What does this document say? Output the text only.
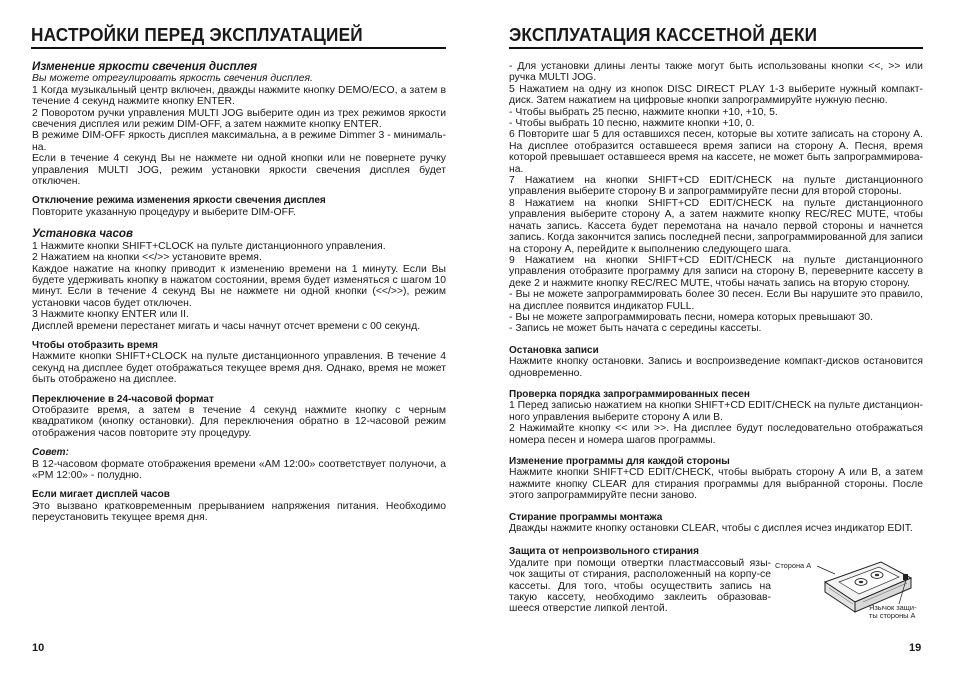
НАСТРОЙКИ ПЕРЕД ЭКСПЛУАТАЦИЕЙ
Изменение яркости свечения дисплея

Вы можете отрегулировать яркость свечения дисплея.

1 Когда музыкальный центр включен, дважды нажмите кнопку DEMO/ECO, а затем в течение 4 секунд нажмите кнопку ENTER.

2 Поворотом ручки управления MULTI JOG выберите один из трех режимов яркости свечения дисплея или режим DIM-OFF, а затем нажмите кнопку ENTER.

В режиме DIM-OFF яркость дисплея максимальна, а в режиме Dimmer 3 - минималь-на.

Если в течение 4 секунд Вы не нажмете ни одной кнопки или не повернете ручку управления MULTI JOG, режим установки яркости свечения дисплея будет отключен.

Отключение режима изменения яркости свечения дисплея

Повторите указанную процедуру и выберите DIM-OFF.

Установка часов

1 Нажмите кнопки SHIFT+CLOCK на пульте дистанционного управления.

2 Нажатием на кнопки <</>> установите время.

Каждое нажатие на кнопку приводит к изменению времени на 1 минуту. Если Вы будете удерживать кнопку в нажатом состоянии, время будет изменяться с шагом 10 минут. Если в течение 4 секунд Вы не нажмете ни одной кнопки (<</>>), режим установки часов будет отключен.

3 Нажмите кнопку ENTER или II.

Дисплей времени перестанет мигать и часы начнут отсчет времени с 00 секунд.

Чтобы отобразить время

Нажмите кнопки SHIFT+CLOCK на пульте дистанционного управления. В течение 4 секунд на дисплее будет отображаться текущее время дня. Однако, время не может быть отображено на дисплее.

Переключение в 24-часовой формат

Отобразите время, а затем в течение 4 секунд нажмите кнопку с черным квадратиком (кнопку остановки). Для переключения обратно в 12-часовой режим отображения часов повторите эту процедуру.

Совет:

В 12-часовом формате отображения времени «AM 12:00» соответствует полуночи, а «PM 12:00» - полудню.

Если мигает дисплей часов

Это вызвано кратковременным прерыванием напряжения питания. Необходимо переустановить текущее время дня.

10
ЭКСПЛУАТАЦИЯ КАССЕТНОЙ ДЕКИ

- Для установки длины ленты также могут быть использованы кнопки <<, >> или ручка MULTI JOG.

5 Нажатием на одну из кнопок DISC DIRECT PLAY 1-3 выберите нужный компакт-диск. Затем нажатием на цифровые кнопки запрограммируйте нужную песню.

- Чтобы выбрать 25 песню, нажмите кнопки +10, +10, 5.

- Чтобы выбрать 10 песню, нажмите кнопки +10, 0.

6 Повторите шаг 5 для оставшихся песен, которые вы хотите записать на сторону А. На дисплее отобразится оставшееся время записи на сторону А. Песня, время которой превышает оставшееся время на кассете, не может быть запрограммирова-на.

7 Нажатием на кнопки SHIFT+CD EDIT/CHECK на пульте дистанционного управления выберите сторону В и запрограммируйте песни для второй стороны.

8 Нажатием на кнопки SHIFT+CD EDIT/CHECK на пульте дистанционного управления выберите сторону А, а затем нажмите кнопку REC/REC MUTE, чтобы начать запись. Кассета будет перемотана на начало первой стороны и начнется запись. Когда закончится запись последней песни, запрограммированной для записи на сторону А, перейдите к выполнению следующего шага.

9 Нажатием на кнопки SHIFT+CD EDIT/CHECK на пульте дистанционного управления отобразите программу для записи на сторону В, переверните кассету в деке 2 и нажмите кнопку REC/REC MUTE, чтобы начать запись на вторую сторону.

- Вы не можете запрограммировать более 30 песен. Если Вы нарушите это правило, на дисплее появится индикатор FULL.

- Вы не можете запрограммировать песни, номера которых превышают 30.

- Запись не может быть начата с середины кассеты.

Остановка записи

Нажмите кнопку остановки. Запись и воспроизведение компакт-дисков остановится одновременно.

Проверка порядка запрограммированных песен

1 Перед записью нажатием на кнопки SHIFT+CD EDIT/CHECK на пульте дистанцион-ного управления выберите сторону А или В.

2 Нажимайте кнопку << или >>. На дисплее будут последовательно отображаться номера песен и номера шагов программы.

Изменение программы для каждой стороны

Нажмите кнопки SHIFT+CD EDIT/CHECK, чтобы выбрать сторону А или В, а затем нажмите кнопку CLEAR для стирания программы для выбранной стороны. После этого запрограммируйте песни заново.

Стирание программы монтажа

Дважды нажмите кнопку остановки CLEAR, чтобы с дисплея исчез индикатор EDIT.

Защита от непроизвольного стирания

Удалите при помощи отвертки пластмассовый язы-чок защиты от стирания, расположенный на корпу-се кассеты. Для того, чтобы осуществить запись на такую кассету, необходимо заклеить образовав-шееся отверстие липкой лентой.

Сторона А
Язычок защи-
ты стороны А
19
